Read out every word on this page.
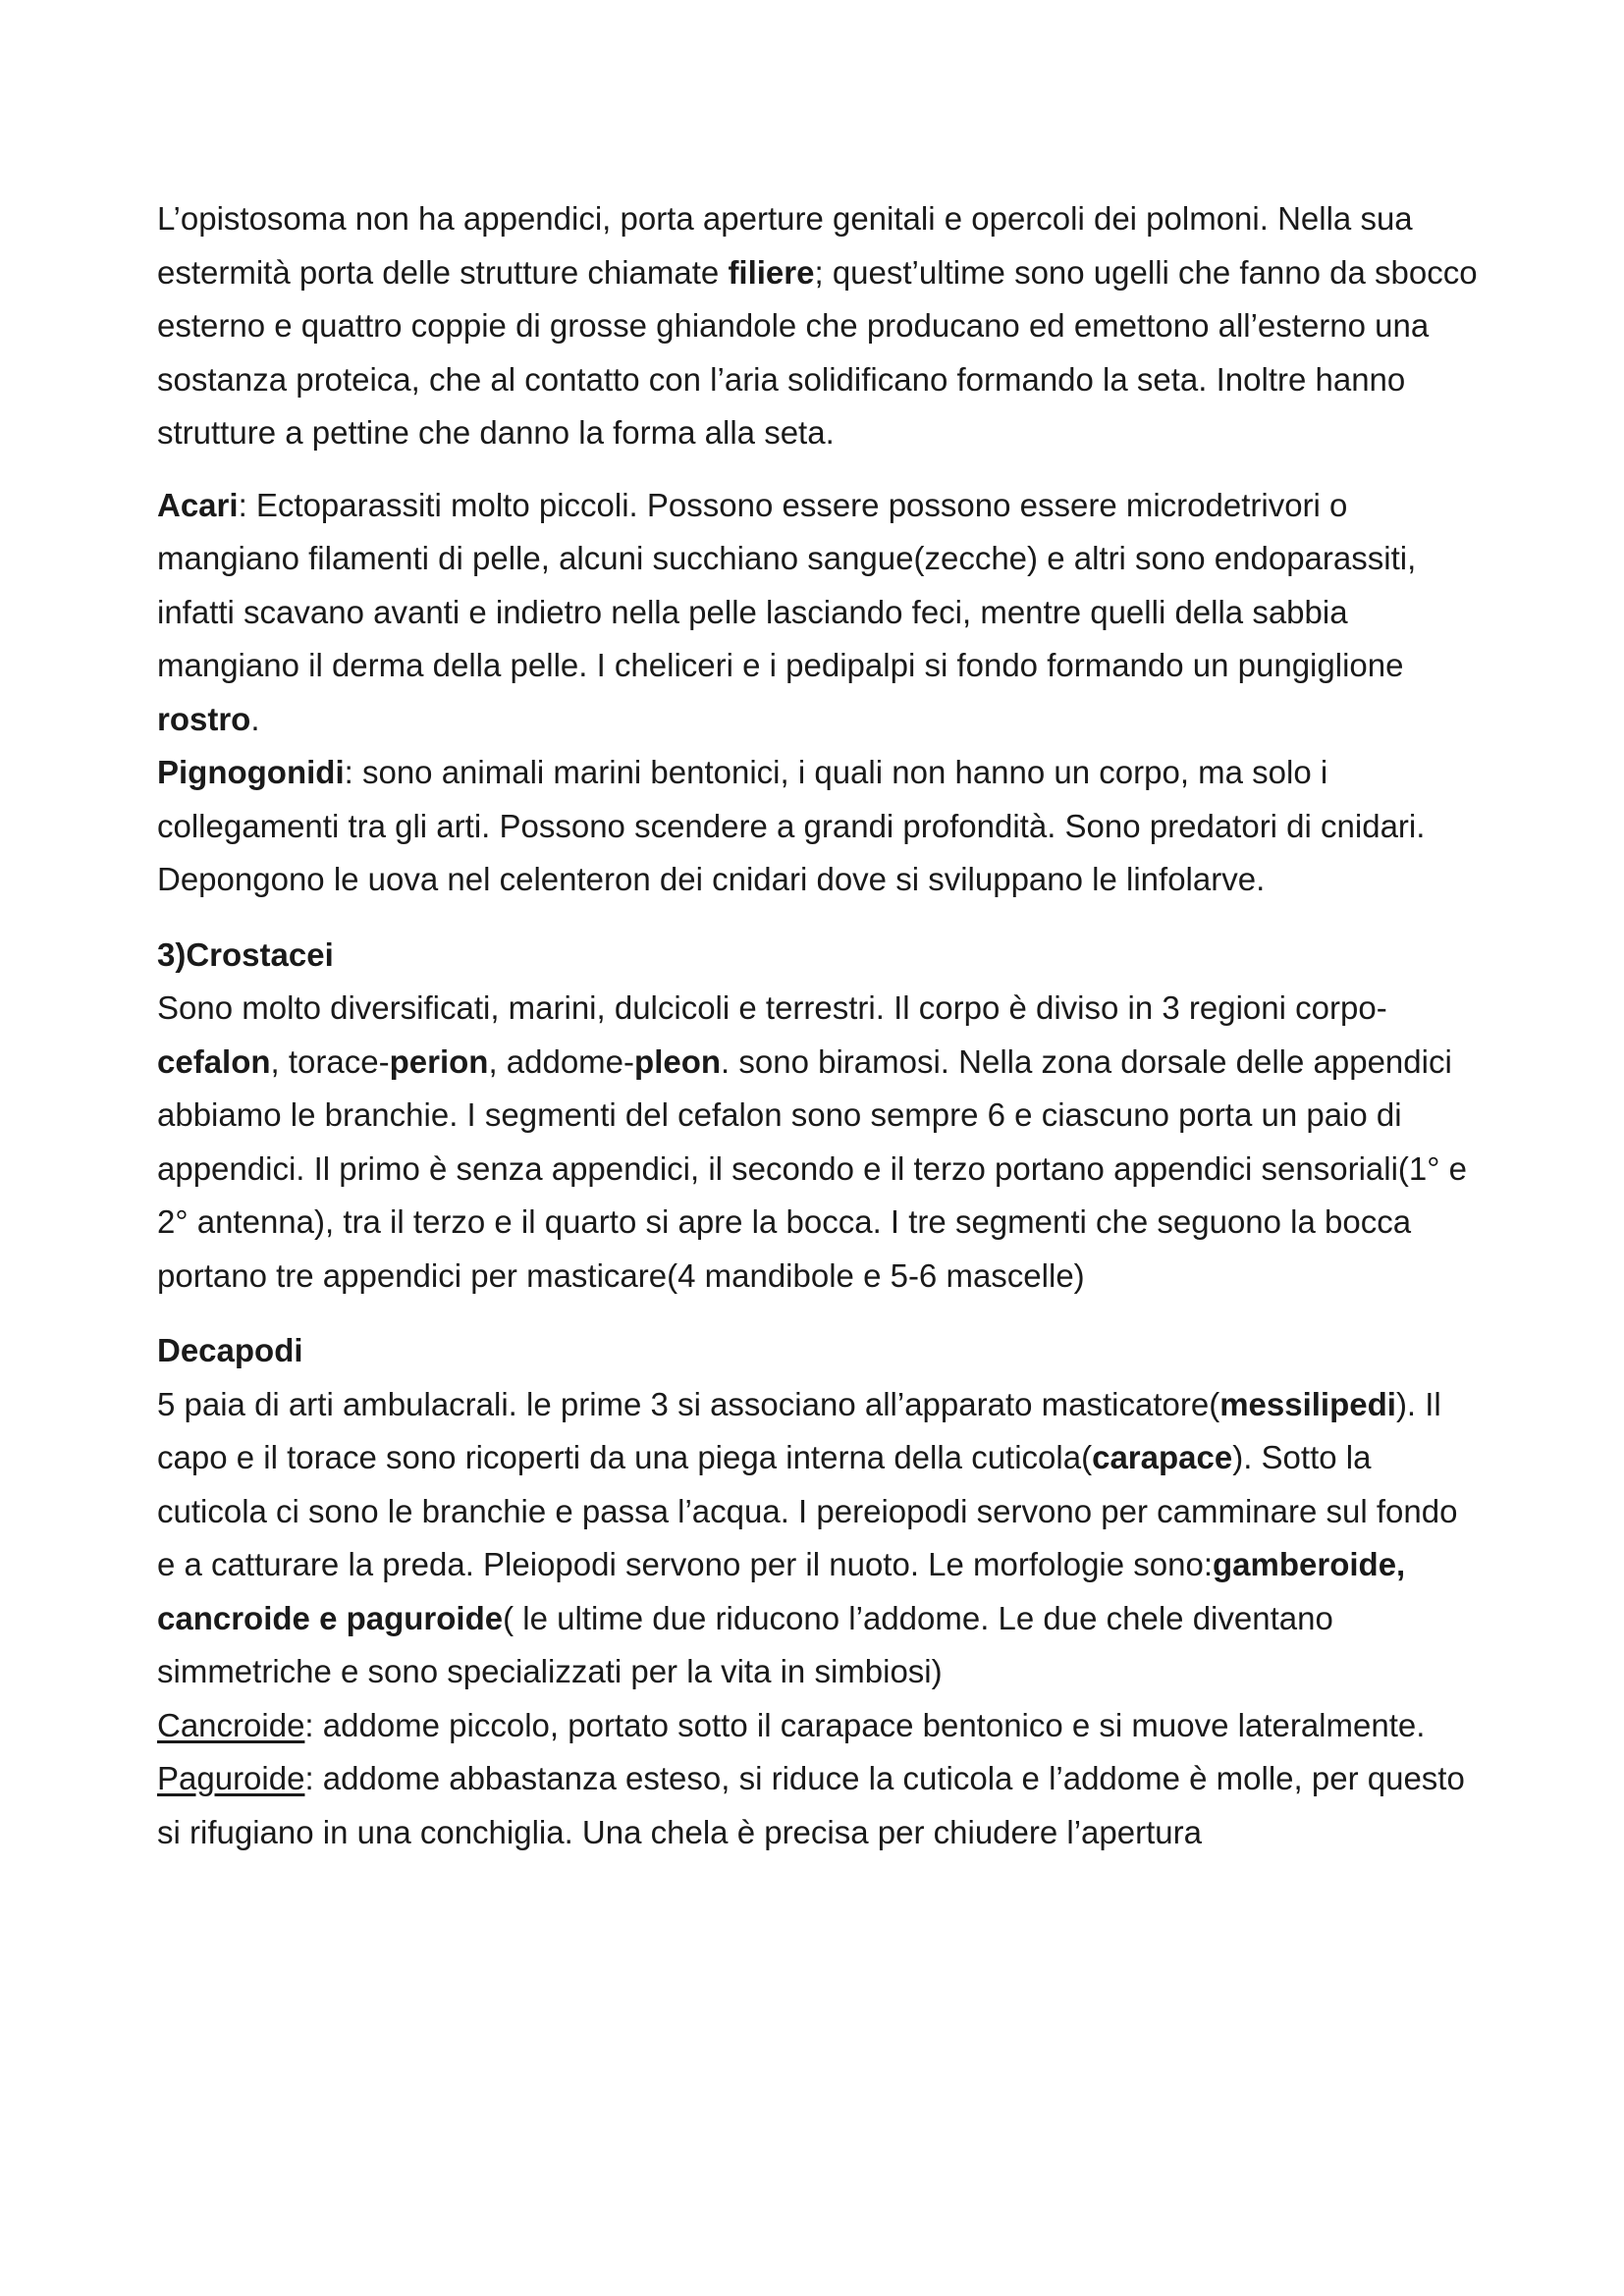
L’opistosoma non ha appendici, porta aperture genitali e opercoli dei polmoni. Nella sua estermità porta delle strutture chiamate filiere; quest’ultime sono ugelli che fanno da sbocco esterno e quattro coppie di grosse ghiandole che producano ed emettono all’esterno una sostanza proteica, che al contatto con l’aria solidificano formando la seta. Inoltre hanno strutture a pettine che danno la forma alla seta.

Acari: Ectoparassiti molto piccoli. Possono essere possono essere microdetrivori o mangiano filamenti di pelle, alcuni succhiano sangue(zecche) e altri sono endoparassiti, infatti scavano avanti e indietro nella pelle lasciando feci, mentre quelli della sabbia mangiano il derma della pelle. I cheliceri e i pedipalpi si fondo formando un pungiglione rostro.

Pignogonidi: sono animali marini bentonici, i quali non hanno un corpo, ma solo i collegamenti tra gli arti. Possono scendere a grandi profondità. Sono predatori di cnidari. Depongono le uova nel celenteron dei cnidari dove si sviluppano le linfolarve.

3)Crostacei

Sono molto diversificati, marini, dulcicoli e terrestri. Il corpo è diviso in 3 regioni corpo-cefalon, torace-perion, addome-pleon. sono biramosi. Nella zona dorsale delle appendici abbiamo le branchie. I segmenti del cefalon sono sempre 6 e ciascuno porta un paio di appendici. Il primo è senza appendici, il secondo e il terzo portano appendici sensoriali(1° e 2° antenna), tra il terzo e il quarto si apre la bocca. I tre segmenti che seguono la bocca portano tre appendici per masticare(4 mandibole e 5-6 mascelle)

Decapodi

5 paia di arti ambulacrali. le prime 3 si associano all’apparato masticatore(messilipedi). Il capo e il torace sono ricoperti da una piega interna della cuticola(carapace). Sotto la cuticola ci sono le branchie e passa l’acqua. I pereiopodi servono per camminare sul fondo e a catturare la preda. Pleiopodi servono per il nuoto. Le morfologie sono:gamberoide, cancroide e paguroide( le ultime due riducono l’addome. Le due chele diventano simmetriche e sono specializzati per la vita in simbiosi)

Cancroide: addome piccolo, portato sotto il carapace bentonico e si muove lateralmente.

Paguroide: addome abbastanza esteso, si riduce la cuticola e l’addome è molle, per questo si rifugiano in una conchiglia. Una chela è precisa per chiudere l’apertura
